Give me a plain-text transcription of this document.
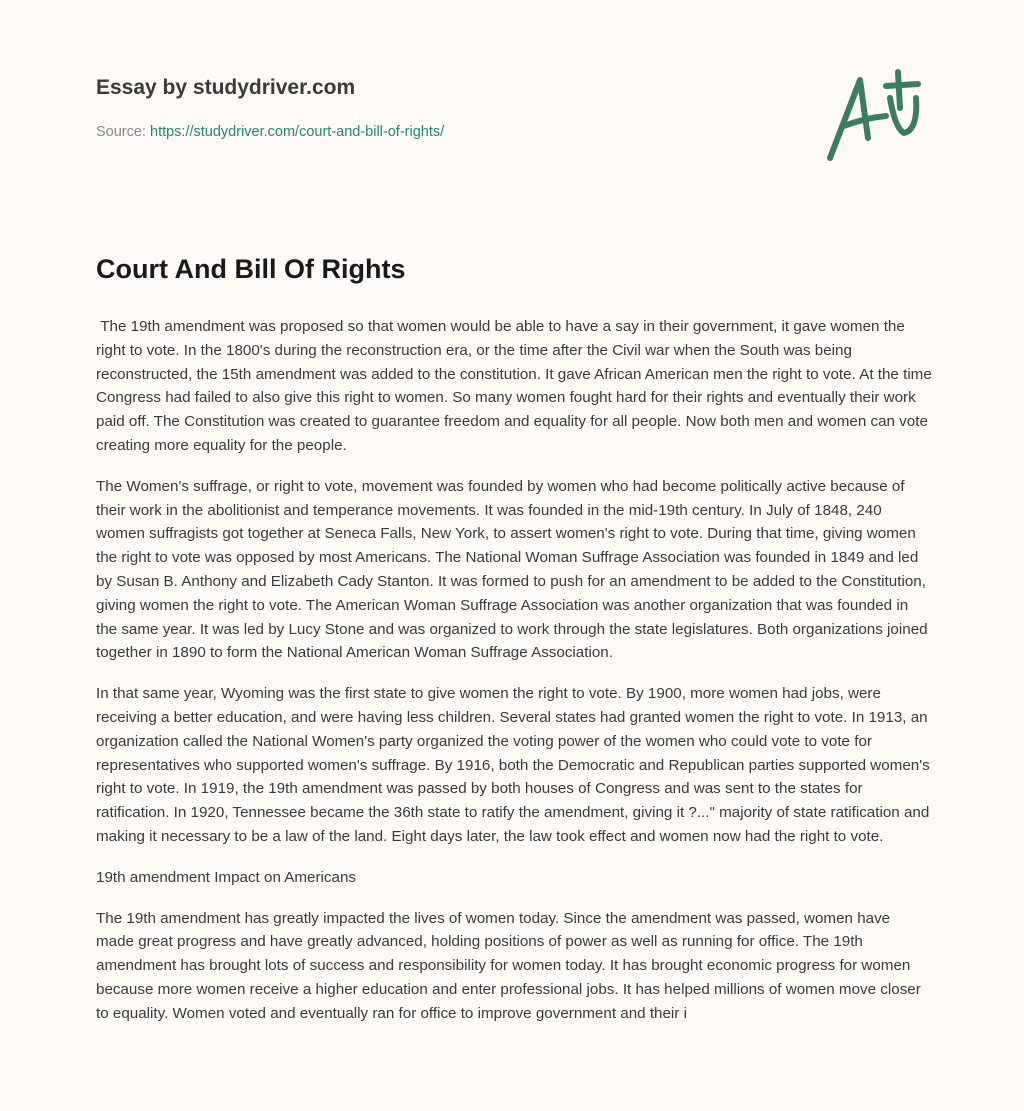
Essay by studydriver.com
Source: https://studydriver.com/court-and-bill-of-rights/
Court And Bill Of Rights

The 19th amendment was proposed so that women would be able to have a say in their government, it gave women the right to vote. In the 1800's during the reconstruction era, or the time after the Civil war when the South was being reconstructed, the 15th amendment was added to the constitution. It gave African American men the right to vote. At the time Congress had failed to also give this right to women. So many women fought hard for their rights and eventually their work paid off. The Constitution was created to guarantee freedom and equality for all people. Now both men and women can vote creating more equality for the people.

The Women's suffrage, or right to vote, movement was founded by women who had become politically active because of their work in the abolitionist and temperance movements. It was founded in the mid-19th century. In July of 1848, 240 women suffragists got together at Seneca Falls, New York, to assert women's right to vote. During that time, giving women the right to vote was opposed by most Americans. The National Woman Suffrage Association was founded in 1849 and led by Susan B. Anthony and Elizabeth Cady Stanton. It was formed to push for an amendment to be added to the Constitution, giving women the right to vote. The American Woman Suffrage Association was another organization that was founded in the same year. It was led by Lucy Stone and was organized to work through the state legislatures. Both organizations joined together in 1890 to form the National American Woman Suffrage Association.

In that same year, Wyoming was the first state to give women the right to vote. By 1900, more women had jobs, were receiving a better education, and were having less children. Several states had granted women the right to vote. In 1913, an organization called the National Women's party organized the voting power of the women who could vote to vote for representatives who supported women's suffrage. By 1916, both the Democratic and Republican parties supported women's right to vote. In 1919, the 19th amendment was passed by both houses of Congress and was sent to the states for ratification. In 1920, Tennessee became the 36th state to ratify the amendment, giving it ?..." majority of state ratification and making it necessary to be a law of the land. Eight days later, the law took effect and women now had the right to vote.

19th amendment Impact on Americans

The 19th amendment has greatly impacted the lives of women today. Since the amendment was passed, women have made great progress and have greatly advanced, holding positions of power as well as running for office. The 19th amendment has brought lots of success and responsibility for women today. It has brought economic progress for women because more women receive a higher education and enter professional jobs. It has helped millions of women move closer to equality. Women voted and eventually ran for office to improve government and their i
